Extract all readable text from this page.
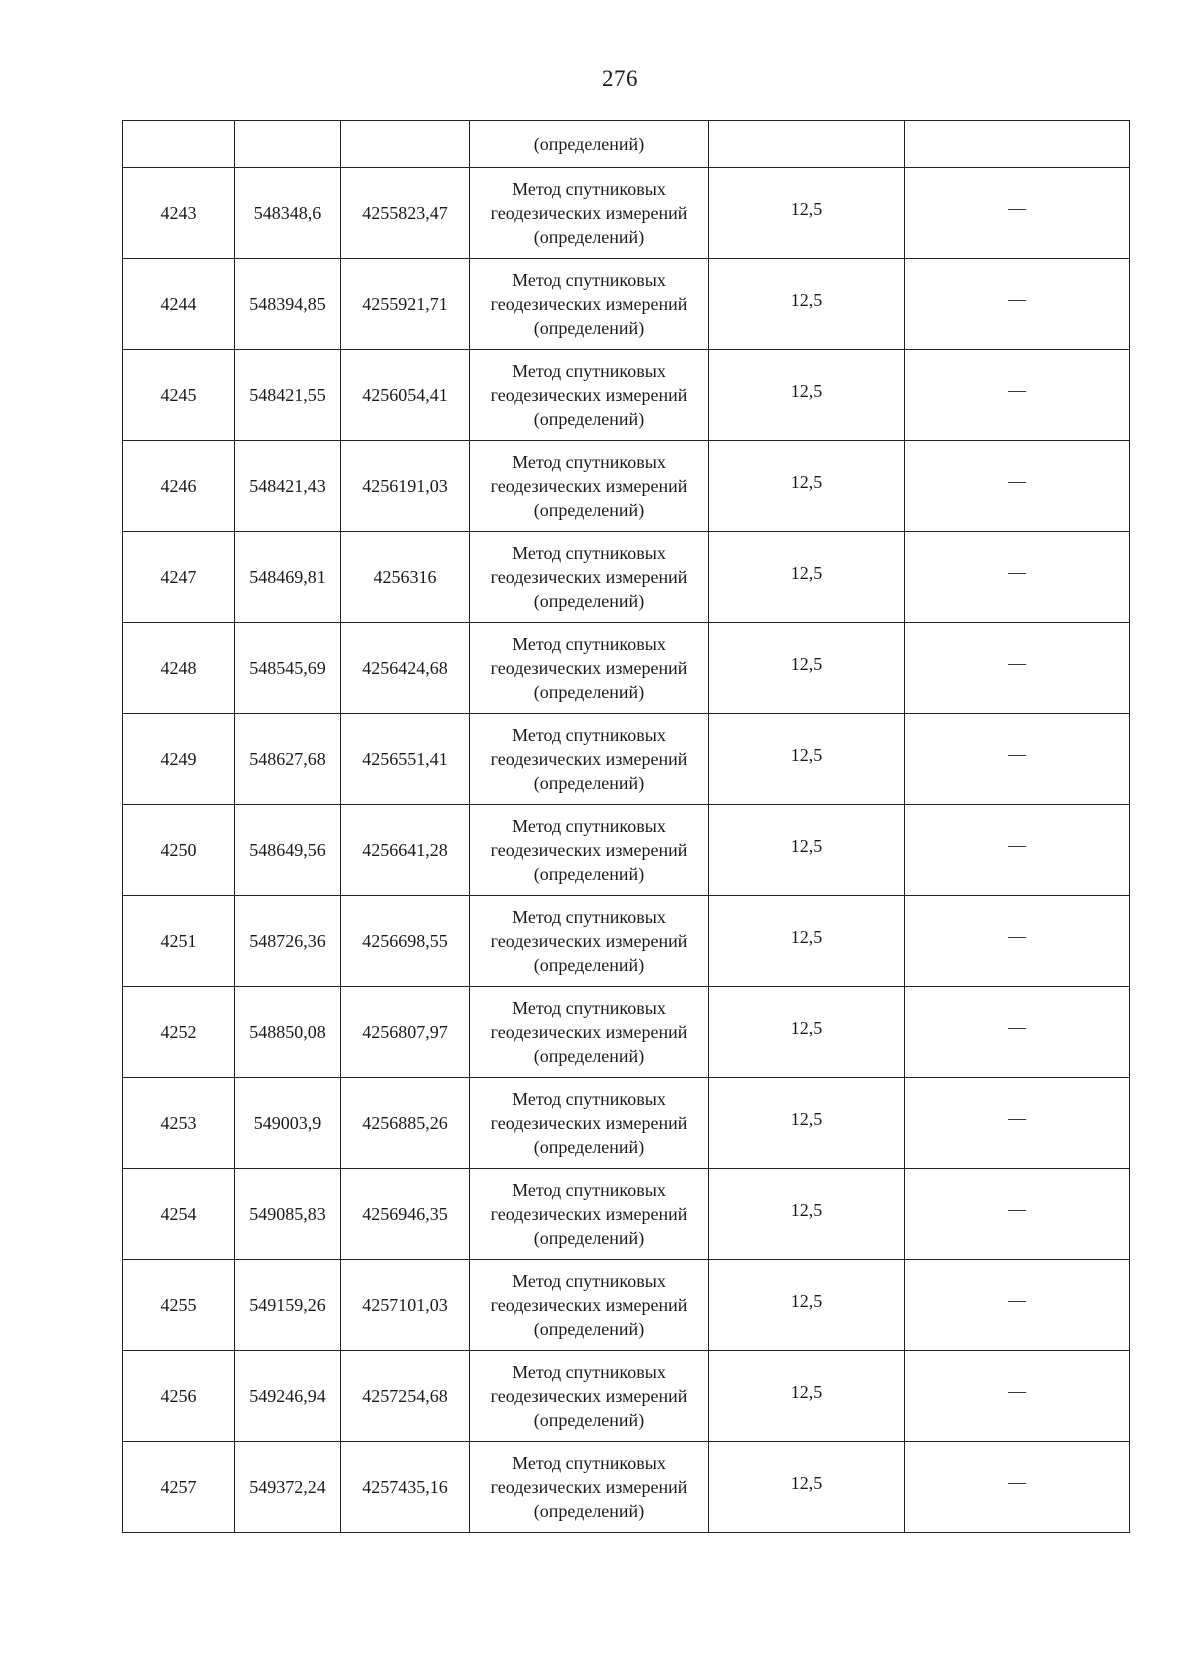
276
			(определений)		
4243	548348,6	4255823,47	Метод спутниковых
геодезических измерений
(определений)	12,5	—
4244	548394,85	4255921,71	Метод спутниковых
геодезических измерений
(определений)	12,5	—
4245	548421,55	4256054,41	Метод спутниковых
геодезических измерений
(определений)	12,5	—
4246	548421,43	4256191,03	Метод спутниковых
геодезических измерений
(определений)	12,5	—
4247	548469,81	4256316	Метод спутниковых
геодезических измерений
(определений)	12,5	—
4248	548545,69	4256424,68	Метод спутниковых
геодезических измерений
(определений)	12,5	—
4249	548627,68	4256551,41	Метод спутниковых
геодезических измерений
(определений)	12,5	—
4250	548649,56	4256641,28	Метод спутниковых
геодезических измерений
(определений)	12,5	—
4251	548726,36	4256698,55	Метод спутниковых
геодезических измерений
(определений)	12,5	—
4252	548850,08	4256807,97	Метод спутниковых
геодезических измерений
(определений)	12,5	—
4253	549003,9	4256885,26	Метод спутниковых
геодезических измерений
(определений)	12,5	—
4254	549085,83	4256946,35	Метод спутниковых
геодезических измерений
(определений)	12,5	—
4255	549159,26	4257101,03	Метод спутниковых
геодезических измерений
(определений)	12,5	—
4256	549246,94	4257254,68	Метод спутниковых
геодезических измерений
(определений)	12,5	—
4257	549372,24	4257435,16	Метод спутниковых
геодезических измерений
(определений)	12,5	—
